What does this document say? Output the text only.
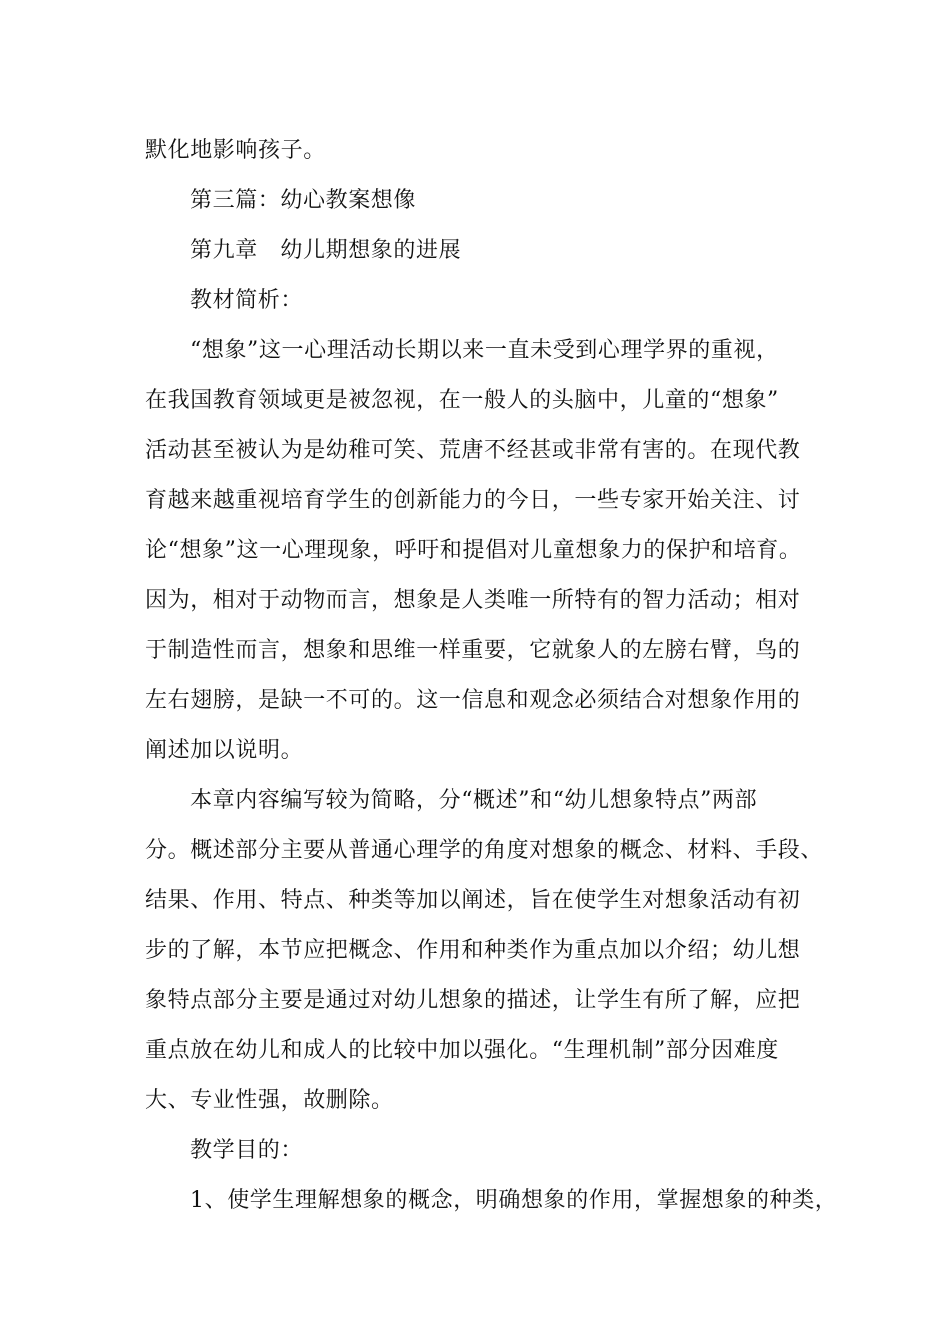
默化地影响孩子。
第三篇：幼心教案想像
第九章　幼儿期想象的进展
教材简析：
“想象”这一心理活动长期以来一直未受到心理学界的重视，
在我国教育领域更是被忽视，在一般人的头脑中，儿童的“想象”
活动甚至被认为是幼稚可笑、荒唐不经甚或非常有害的。在现代教
育越来越重视培育学生的创新能力的今日，一些专家开始关注、讨
论“想象”这一心理现象，呼吁和提倡对儿童想象力的保护和培育。
因为，相对于动物而言，想象是人类唯一所特有的智力活动；相对
于制造性而言，想象和思维一样重要，它就象人的左膀右臂，鸟的
左右翅膀，是缺一不可的。这一信息和观念必须结合对想象作用的
阐述加以说明。
本章内容编写较为简略，分“概述”和“幼儿想象特点”两部
分。概述部分主要从普通心理学的角度对想象的概念、材料、手段、
结果、作用、特点、种类等加以阐述，旨在使学生对想象活动有初
步的了解，本节应把概念、作用和种类作为重点加以介绍；幼儿想
象特点部分主要是通过对幼儿想象的描述，让学生有所了解，应把
重点放在幼儿和成人的比较中加以强化。“生理机制”部分因难度
大、专业性强，故删除。
教学目的：
1、使学生理解想象的概念，明确想象的作用，掌握想象的种类，
